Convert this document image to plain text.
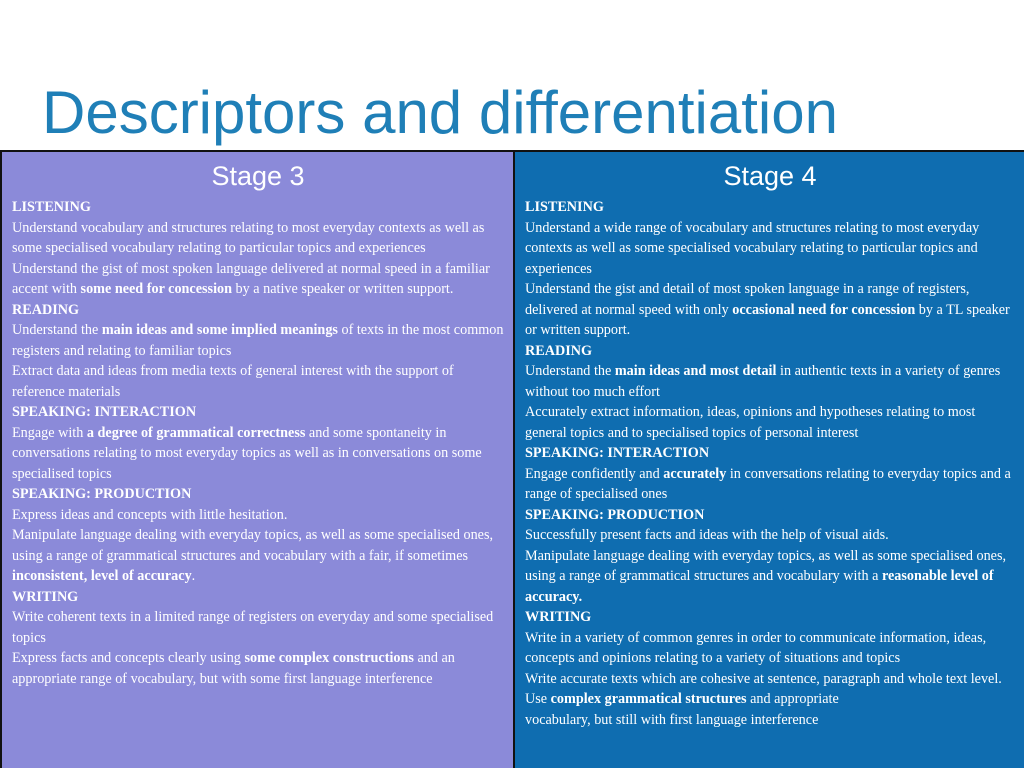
Descriptors and differentiation
Stage 3
LISTENING
Understand vocabulary and structures relating to most everyday contexts as well as some specialised vocabulary relating to particular topics and experiences
Understand the gist of most spoken language delivered at normal speed in a familiar accent with some need for concession by a native speaker or written support.
READING
Understand the main ideas and some implied meanings of texts in the most common registers and relating to familiar topics
Extract data and ideas from media texts of general interest with the support of reference materials
SPEAKING: INTERACTION
Engage with a degree of grammatical correctness and some spontaneity in conversations relating to most everyday topics as well as in conversations on some specialised topics
SPEAKING: PRODUCTION
Express ideas and concepts with little hesitation.
Manipulate language dealing with everyday topics, as well as some specialised ones, using a range of grammatical structures and vocabulary with a fair, if sometimes inconsistent, level of accuracy.
WRITING
Write coherent texts in a limited range of registers on everyday and some specialised topics
Express facts and concepts clearly using some complex constructions and an appropriate range of vocabulary, but with some first language interference
Stage 4
LISTENING
Understand a wide range of vocabulary and structures relating to most everyday contexts as well as some specialised vocabulary relating to particular topics and experiences
Understand the gist and detail of most spoken language in a range of registers, delivered at normal speed with only occasional need for concession by a TL speaker or written support.
READING
Understand the main ideas and most detail in authentic texts in a variety of genres without too much effort
Accurately extract information, ideas, opinions and hypotheses relating to most general topics and to specialised topics of personal interest
SPEAKING: INTERACTION
Engage confidently and accurately in conversations relating to everyday topics and a range of specialised ones
SPEAKING: PRODUCTION
Successfully present facts and ideas with the help of visual aids.
Manipulate language dealing with everyday topics, as well as some specialised ones, using a range of grammatical structures and vocabulary with a reasonable level of accuracy.
WRITING
Write in a variety of common genres in order to communicate information, ideas, concepts and opinions relating to a variety of situations and topics
Write accurate texts which are cohesive at sentence, paragraph and whole text level. Use complex grammatical structures and appropriate
vocabulary, but still with first language interference
